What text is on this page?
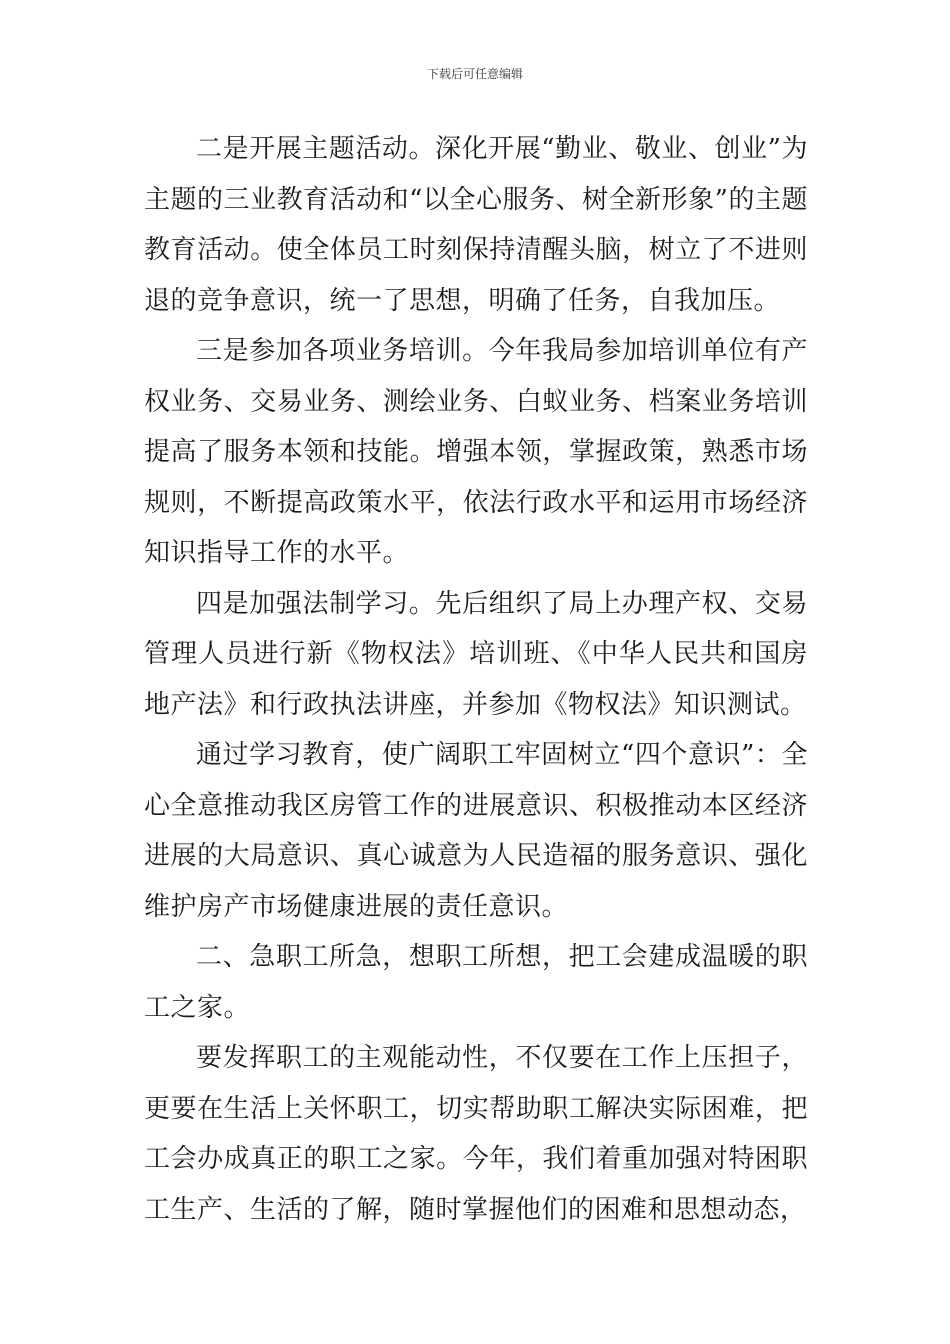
下载后可任意编辑

二是开展主题活动。深化开展“勤业、敬业、创业”为主题的三业教育活动和“以全心服务、树全新形象”的主题教育活动。使全体员工时刻保持清醒头脑，树立了不进则退的竞争意识，统一了思想，明确了任务，自我加压。

三是参加各项业务培训。今年我局参加培训单位有产权业务、交易业务、测绘业务、白蚁业务、档案业务培训提高了服务本领和技能。增强本领，掌握政策，熟悉市场规则，不断提高政策水平，依法行政水平和运用市场经济知识指导工作的水平。

四是加强法制学习。先后组织了局上办理产权、交易管理人员进行新《物权法》培训班、《中华人民共和国房地产法》和行政执法讲座，并参加《物权法》知识测试。

通过学习教育，使广阔职工牢固树立“四个意识”：全心全意推动我区房管工作的进展意识、积极推动本区经济进展的大局意识、真心诚意为人民造福的服务意识、强化维护房产市场健康进展的责任意识。

二、急职工所急，想职工所想，把工会建成温暖的职工之家。

要发挥职工的主观能动性，不仅要在工作上压担子，更要在生活上关怀职工，切实帮助职工解决实际困难，把工会办成真正的职工之家。今年，我们着重加强对特困职工生产、生活的了解，随时掌握他们的困难和思想动态，
